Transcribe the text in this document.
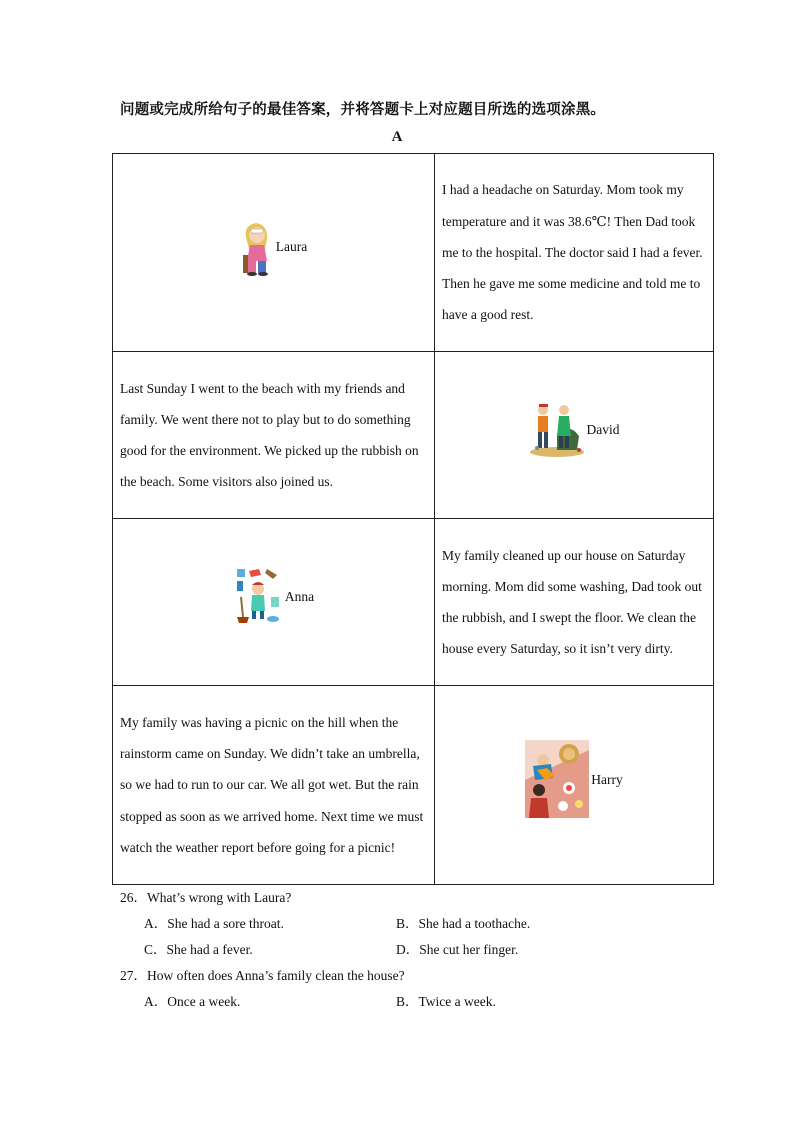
问题或完成所给句子的最佳答案，并将答题卡上对应题目所选的选项涂黑。
A
Laura	I had a headache on Saturday. Mom took my temperature and it was 38.6℃! Then Dad took me to the hospital. The doctor said I had a fever. Then he gave me some medicine and told me to have a good rest.
Last Sunday I went to the beach with my friends and family. We went there not to play but to do something good for the environment. We picked up the rubbish on the beach. Some visitors also joined us.	David

Anna	My family cleaned up our house on Saturday morning. Mom did some washing, Dad took out the rubbish, and I swept the floor. We clean the house every Saturday, so it isn’t very dirty.
My family was having a picnic on the hill when the rainstorm came on Sunday. We didn’t take an umbrella, so we had to run to our car. We all got wet. But the rain stopped as soon as we arrived home. Next time we must watch the weather report before going for a picnic!	Harry
26．What’s wrong with Laura?
A．She had a sore throat.	B．She had a toothache.
C．She had a fever.	D．She cut her finger.
27．How often does Anna’s family clean the house?
A．Once a week.	B．Twice a week.
